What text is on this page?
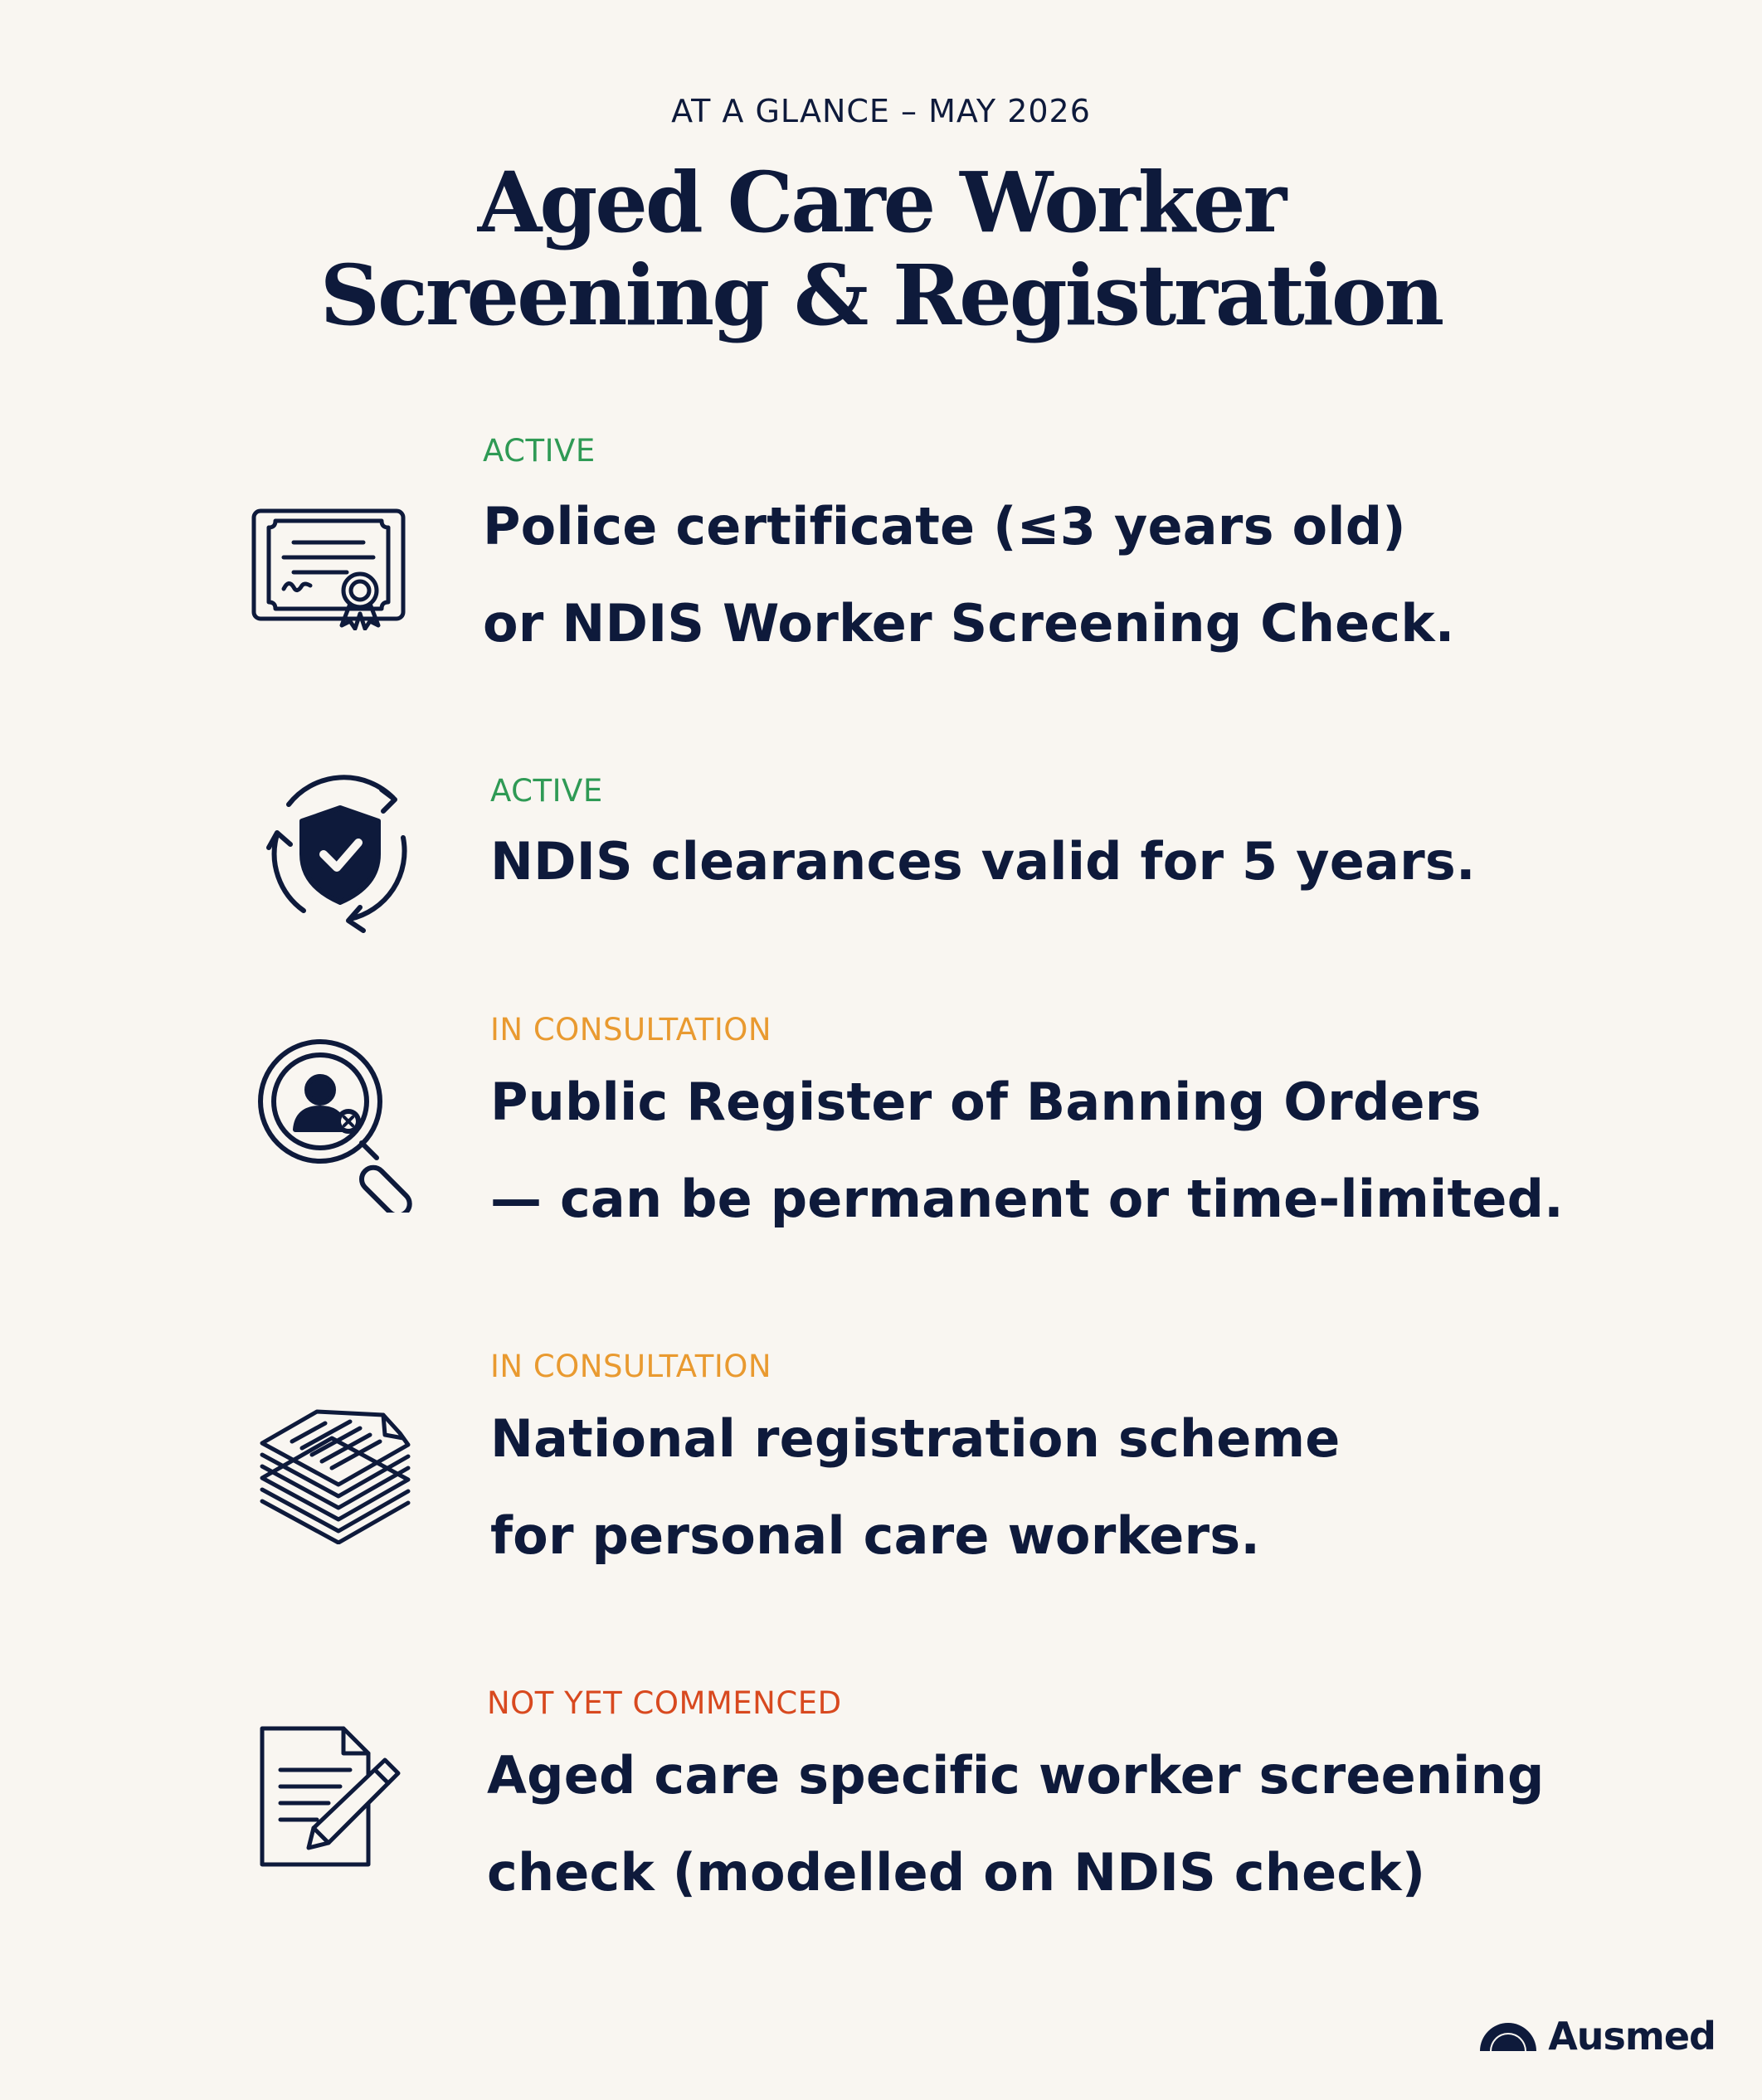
AT A GLANCE – MAY 2026
Aged Care Worker
Screening & Registration
ACTIVE
Police certificate (≤3 years old)
or NDIS Worker Screening Check.
ACTIVE
NDIS clearances valid for 5 years.
IN CONSULTATION
Public Register of Banning Orders
— can be permanent or time-limited.
IN CONSULTATION
National registration scheme
for personal care workers.
NOT YET COMMENCED
Aged care specific worker screening
check (modelled on NDIS check)
Ausmed
